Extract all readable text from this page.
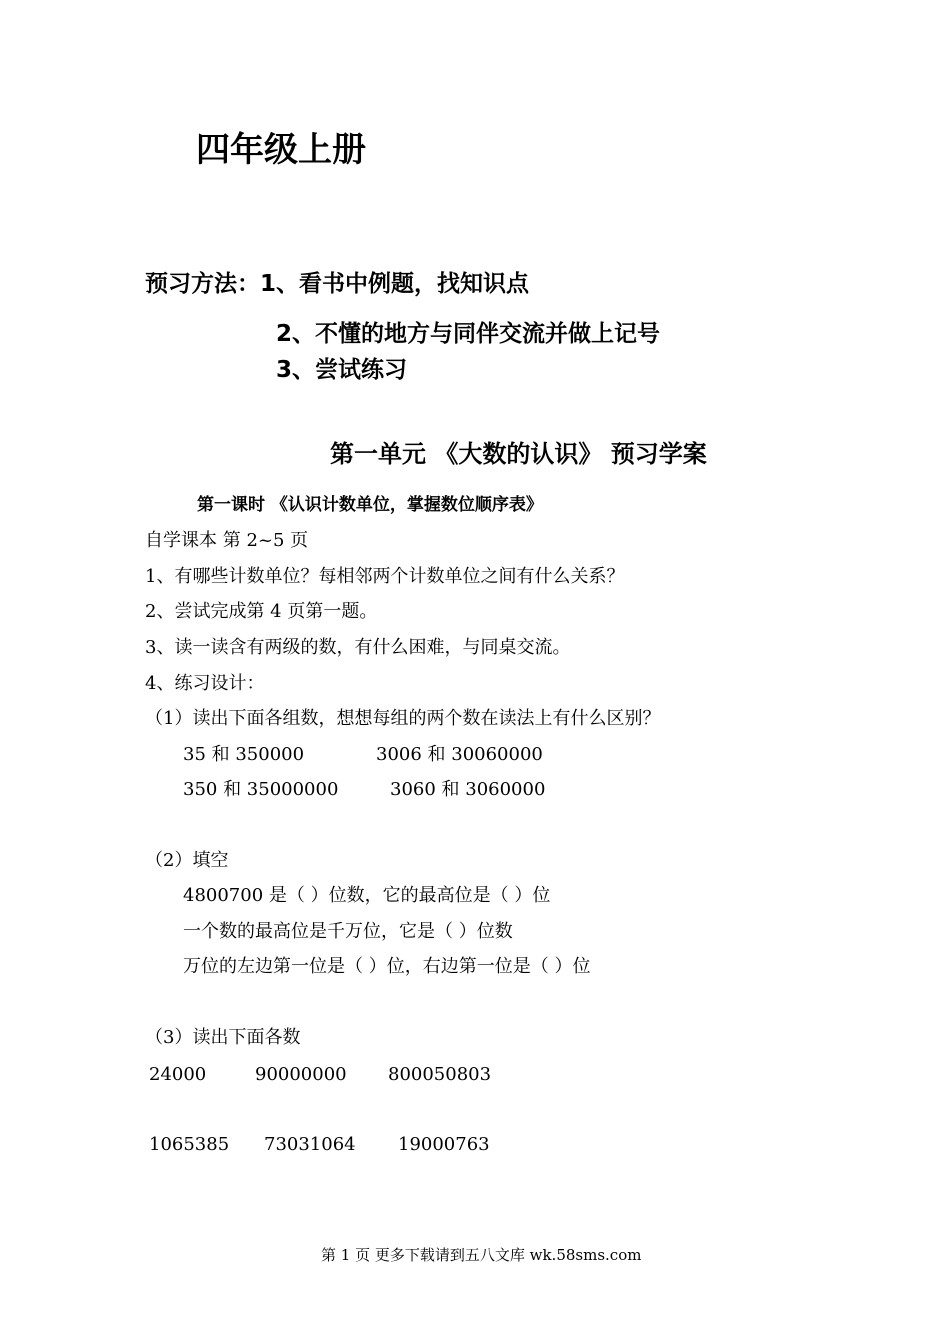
四年级上册
预习方法：1、看书中例题，找知识点
2、不懂的地方与同伴交流并做上记号
3、尝试练习
第一单元 《大数的认识》 预习学案
第一课时 《认识计数单位，掌握数位顺序表》
自学课本 第 2~5 页
1、有哪些计数单位？每相邻两个计数单位之间有什么关系？
2、尝试完成第 4 页第一题。
3、读一读含有两级的数，有什么困难，与同桌交流。
4、练习设计：
（1）读出下面各组数，想想每组的两个数在读法上有什么区别？
35 和 350000	3006 和 30060000
350 和 35000000	3060 和 3060000
（2）填空
4800700 是（ ）位数，它的最高位是（ ）位
一个数的最高位是千万位，它是（ ）位数
万位的左边第一位是（ ）位，右边第一位是（ ）位
（3）读出下面各数
24000	90000000 800050803
1065385 73031064 19000763
第 1 页 更多下载请到五八文库 wk.58sms.com
